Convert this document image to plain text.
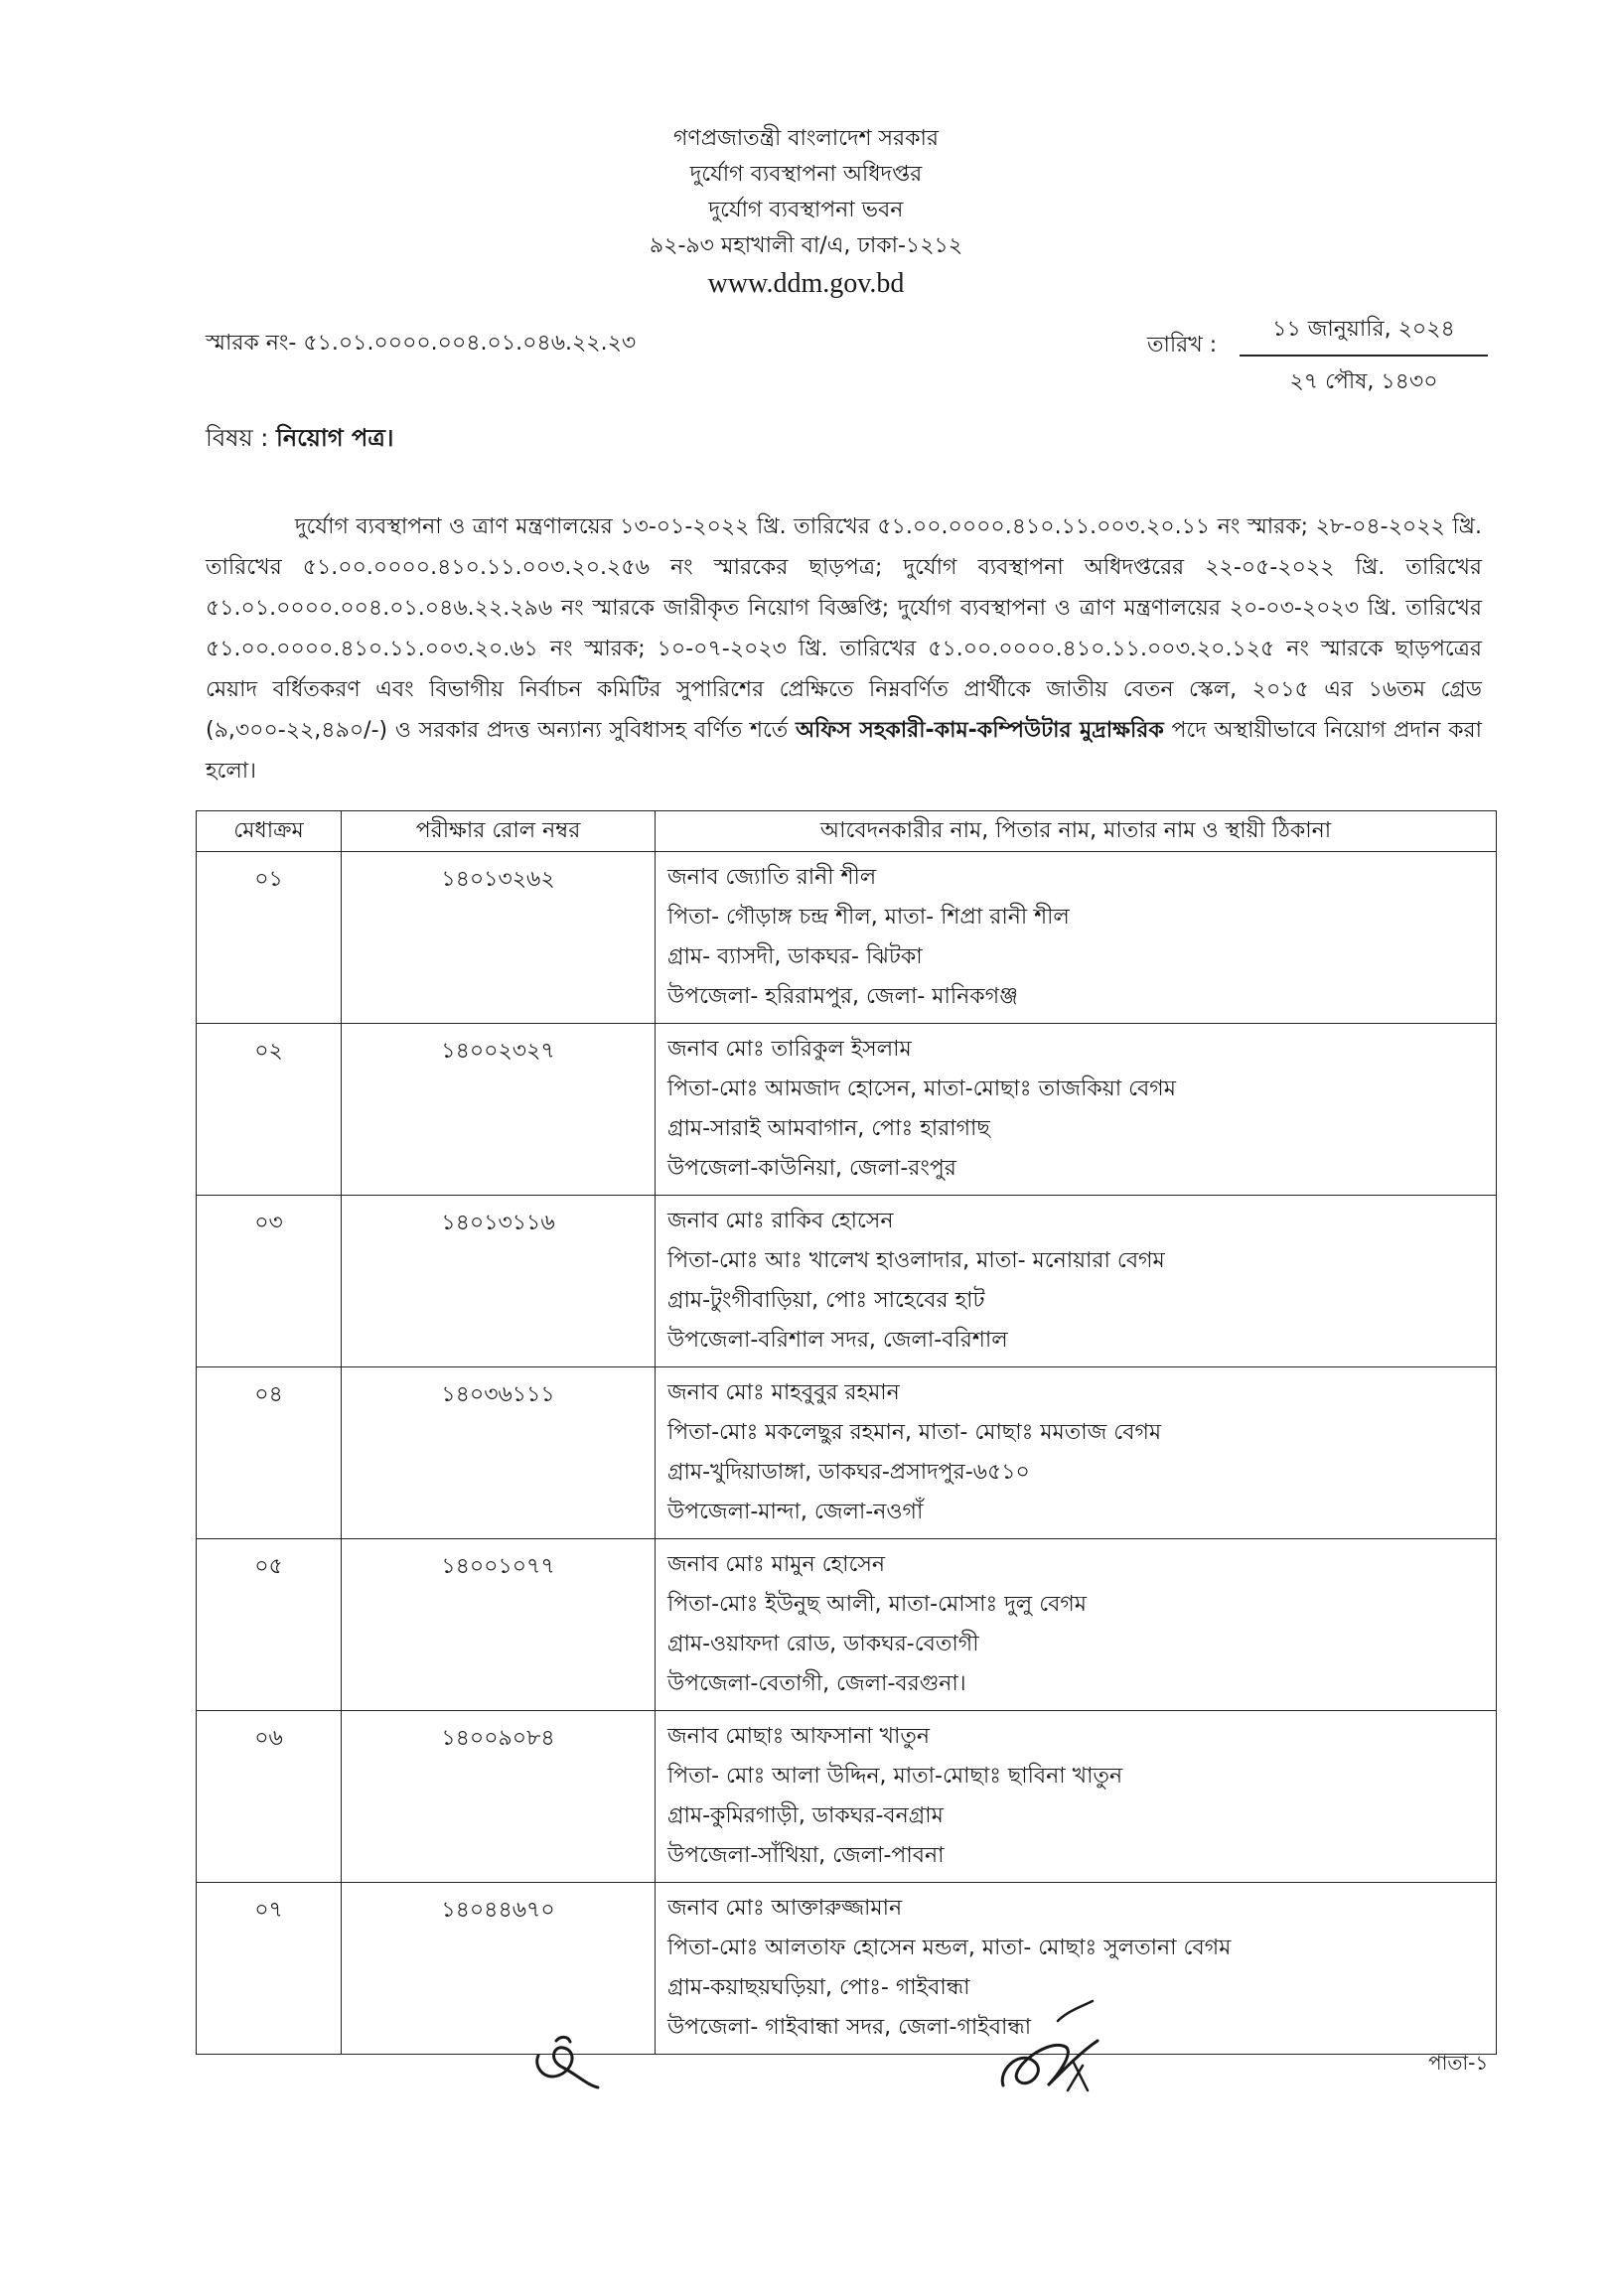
গণপ্রজাতন্ত্রী বাংলাদেশ সরকার
দুর্যোগ ব্যবস্থাপনা অধিদপ্তর
দুর্যোগ ব্যবস্থাপনা ভবন
৯২-৯৩ মহাখালী বা/এ, ঢাকা-১২১২
www.ddm.gov.bd
স্মারক নং- ৫১.০১.০০০০.০০৪.০১.০৪৬.২২.২৩	তারিখ :
১১ জানুয়ারি, ২০২৪
২৭ পৌষ, ১৪৩০
বিষয় : নিয়োগ পত্র।
দুর্যোগ ব্যবস্থাপনা ও ত্রাণ মন্ত্রণালয়ের ১৩-০১-২০২২ খ্রি. তারিখের ৫১.০০.০০০০.৪১০.১১.০০৩.২০.১১ নং স্মারক; ২৮-০৪-২০২২ খ্রি. তারিখের ৫১.০০.০০০০.৪১০.১১.০০৩.২০.২৫৬ নং স্মারকের ছাড়পত্র; দুর্যোগ ব্যবস্থাপনা অধিদপ্তরের ২২-০৫-২০২২ খ্রি. তারিখের ৫১.০১.০০০০.০০৪.০১.০৪৬.২২.২৯৬ নং স্মারকে জারীকৃত নিয়োগ বিজ্ঞপ্তি; দুর্যোগ ব্যবস্থাপনা ও ত্রাণ মন্ত্রণালয়ের ২০-০৩-২০২৩ খ্রি. তারিখের ৫১.০০.০০০০.৪১০.১১.০০৩.২০.৬১ নং স্মারক; ১০-০৭-২০২৩ খ্রি. তারিখের ৫১.০০.০০০০.৪১০.১১.০০৩.২০.১২৫ নং স্মারকে ছাড়পত্রের মেয়াদ বর্ধিতকরণ এবং বিভাগীয় নির্বাচন কমিটির সুপারিশের প্রেক্ষিতে নিম্নবর্ণিত প্রার্থীকে জাতীয় বেতন স্কেল, ২০১৫ এর ১৬তম গ্রেড (৯,৩০০-২২,৪৯০/-) ও সরকার প্রদত্ত অন্যান্য সুবিধাসহ বর্ণিত শর্তে অফিস সহকারী-কাম-কম্পিউটার মুদ্রাক্ষরিক পদে অস্থায়ীভাবে নিয়োগ প্রদান করা হলো।
মেধাক্রম	পরীক্ষার রোল নম্বর	আবেদনকারীর নাম, পিতার নাম, মাতার নাম ও স্থায়ী ঠিকানা
০১	১৪০১৩২৬২	জনাব জ্যোতি রানী শীল
পিতা- গৌড়াঙ্গ চন্দ্র শীল, মাতা- শিপ্রা রানী শীল
গ্রাম- ব্যাসদী, ডাকঘর- ঝিটকা
উপজেলা- হরিরামপুর, জেলা- মানিকগঞ্জ

০২	১৪০০২৩২৭	জনাব মোঃ তারিকুল ইসলাম
পিতা-মোঃ আমজাদ হোসেন, মাতা-মোছাঃ তাজকিয়া বেগম
গ্রাম-সারাই আমবাগান, পোঃ হারাগাছ
উপজেলা-কাউনিয়া, জেলা-রংপুর

০৩	১৪০১৩১১৬	জনাব মোঃ রাকিব হোসেন
পিতা-মোঃ আঃ খালেখ হাওলাদার, মাতা- মনোয়ারা বেগম
গ্রাম-টুংগীবাড়িয়া, পোঃ সাহেবের হাট
উপজেলা-বরিশাল সদর, জেলা-বরিশাল

০৪	১৪০৩৬১১১	জনাব মোঃ মাহবুবুর রহমান
পিতা-মোঃ মকলেছুর রহমান, মাতা- মোছাঃ মমতাজ বেগম
গ্রাম-খুদিয়াডাঙ্গা, ডাকঘর-প্রসাদপুর-৬৫১০
উপজেলা-মান্দা, জেলা-নওগাঁ

০৫	১৪০০১০৭৭	জনাব মোঃ মামুন হোসেন
পিতা-মোঃ ইউনুছ আলী, মাতা-মোসাঃ দুলু বেগম
গ্রাম-ওয়াফদা রোড, ডাকঘর-বেতাগী
উপজেলা-বেতাগী, জেলা-বরগুনা।

০৬	১৪০০৯০৮৪	জনাব মোছাঃ আফসানা খাতুন
পিতা- মোঃ আলা উদ্দিন, মাতা-মোছাঃ ছাবিনা খাতুন
গ্রাম-কুমিরগাড়ী, ডাকঘর-বনগ্রাম
উপজেলা-সাঁথিয়া, জেলা-পাবনা

০৭	১৪০৪৪৬৭০	জনাব মোঃ আক্তারুজ্জামান
পিতা-মোঃ আলতাফ হোসেন মন্ডল, মাতা- মোছাঃ সুলতানা বেগম
গ্রাম-কয়াছয়ঘড়িয়া, পোঃ- গাইবান্ধা
উপজেলা- গাইবান্ধা সদর, জেলা-গাইবান্ধা
পাতা-১
